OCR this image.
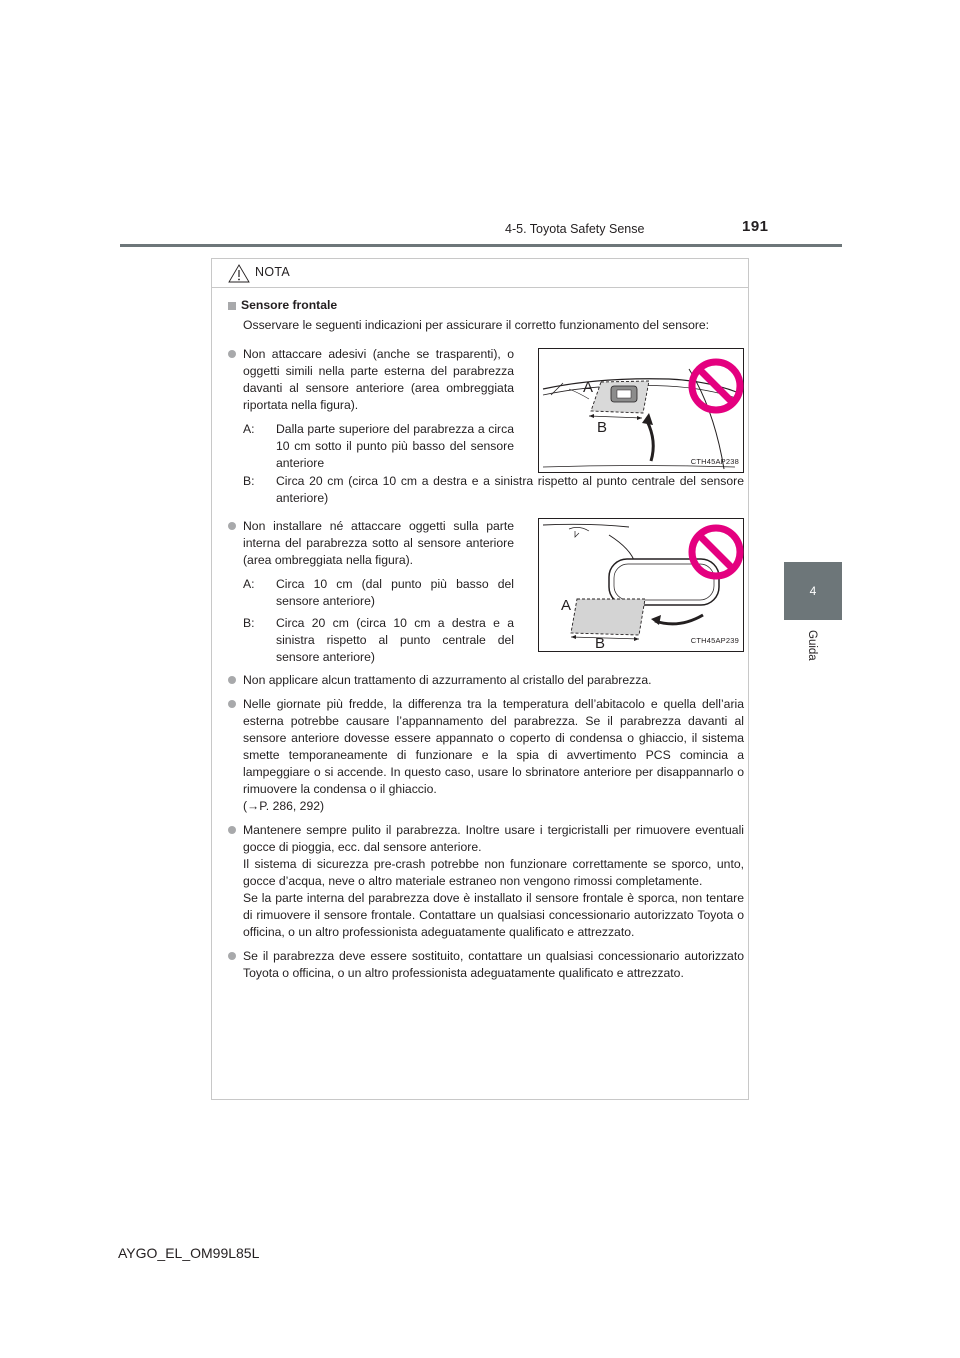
191
4-5. Toyota Safety Sense
4
Guida
NOTA
Sensore frontale
Osservare le seguenti indicazioni per assicurare il corretto funzionamento del sensore:
Non attaccare adesivi (anche se trasparenti), o oggetti simili nella parte esterna del parabrezza davanti al sensore anteriore (area ombreggiata riportata nella figura).
A: Dalla parte superiore del parabrezza a circa 10 cm sotto il punto più basso del sensore anteriore
A
B
CTH45AP238
B: Circa 20 cm (circa 10 cm a destra e a sinistra rispetto al punto centrale del sensore anteriore)
Non installare né attaccare oggetti sulla parte interna del parabrezza sotto al sensore anteriore (area ombreggiata nella figura).
A: Circa 10 cm (dal punto più basso del sensore anteriore)
B: Circa 20 cm (circa 10 cm a destra e a sinistra rispetto al punto centrale del sensore anteriore)
A
B	CTH45AP239
Non applicare alcun trattamento di azzurramento al cristallo del parabrezza.
Nelle giornate più fredde, la differenza tra la temperatura dell’abitacolo e quella dell’aria esterna potrebbe causare l’appannamento del parabrezza. Se il parabrezza davanti al sensore anteriore dovesse essere appannato o coperto di condensa o ghiaccio, il sistema smette temporaneamente di funzionare e la spia di avvertimento PCS comincia a lampeggiare o si accende. In questo caso, usare lo sbrinatore anteriore per disappannarlo o rimuovere la condensa o il ghiaccio.
(→P. 286, 292)
Mantenere sempre pulito il parabrezza. Inoltre usare i tergicristalli per rimuovere eventuali gocce di pioggia, ecc. dal sensore anteriore.
Il sistema di sicurezza pre-crash potrebbe non funzionare correttamente se sporco, unto, gocce d’acqua, neve o altro materiale estraneo non vengono rimossi completamente.
Se la parte interna del parabrezza dove è installato il sensore frontale è sporca, non tentare di rimuovere il sensore frontale. Contattare un qualsiasi concessionario autorizzato Toyota o officina, o un altro professionista adeguatamente qualificato e attrezzato.
Se il parabrezza deve essere sostituito, contattare un qualsiasi concessionario autorizzato Toyota o officina, o un altro professionista adeguatamente qualificato e attrezzato.
AYGO_EL_OM99L85L
